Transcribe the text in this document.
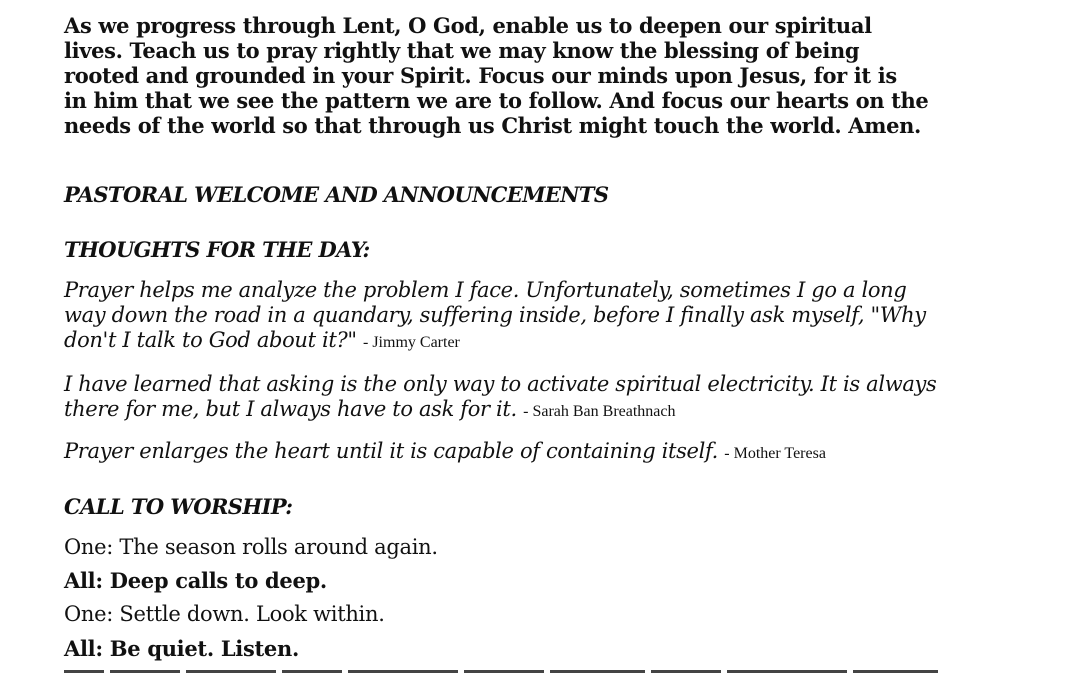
As we progress through Lent, O God, enable us to deepen our spiritual
lives. Teach us to pray rightly that we may know the blessing of being
rooted and grounded in your Spirit. Focus our minds upon Jesus, for it is
in him that we see the pattern we are to follow. And focus our hearts on the
needs of the world so that through us Christ might touch the world. Amen.

PASTORAL WELCOME AND ANNOUNCEMENTS

THOUGHTS FOR THE DAY:

Prayer helps me analyze the problem I face. Unfortunately, sometimes I go a long
way down the road in a quandary, suffering inside, before I finally ask myself, "Why
don't I talk to God about it?" - Jimmy Carter

I have learned that asking is the only way to activate spiritual electricity. It is always
there for me, but I always have to ask for it. - Sarah Ban Breathnach

Prayer enlarges the heart until it is capable of containing itself. - Mother Teresa

CALL TO WORSHIP:

One: The season rolls around again.

All: Deep calls to deep.

One: Settle down. Look within.

All: Be quiet. Listen.
